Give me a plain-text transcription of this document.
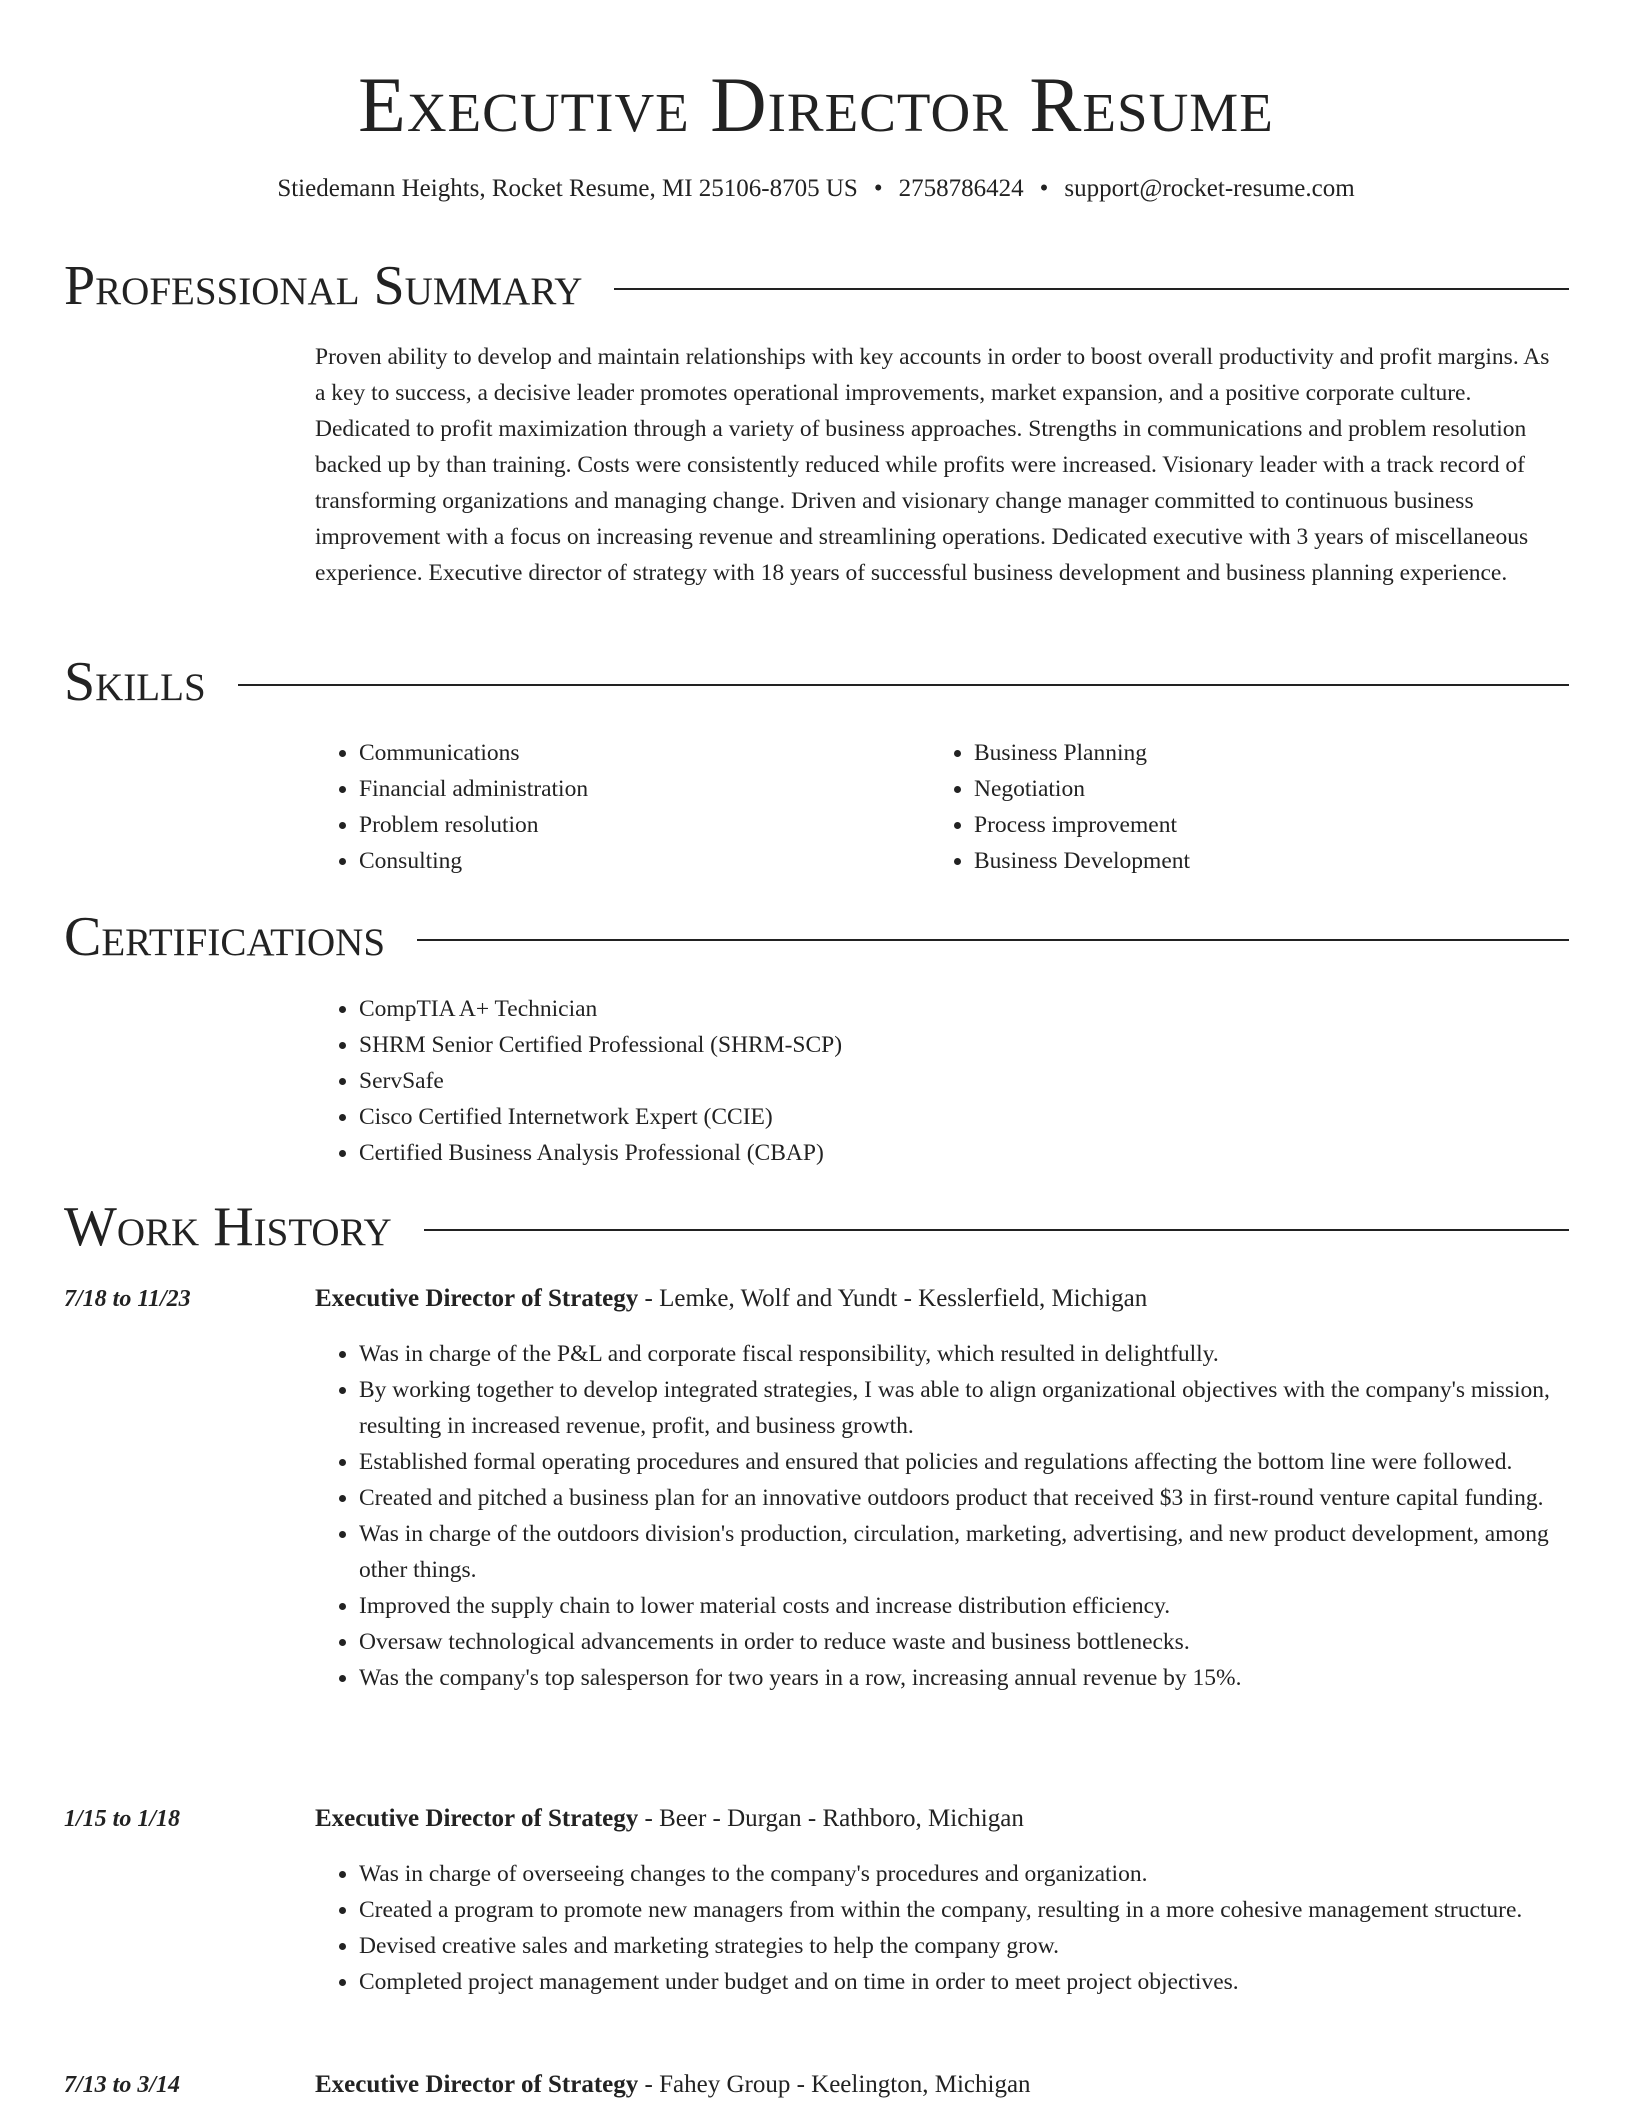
Executive Director Resume
Stiedemann Heights, Rocket Resume, MI 25106-8705 US • 2758786424 • support@rocket-resume.com
Professional Summary

Proven ability to develop and maintain relationships with key accounts in order to boost overall productivity and profit margins. As a key to success, a decisive leader promotes operational improvements, market expansion, and a positive corporate culture. Dedicated to profit maximization through a variety of business approaches. Strengths in communications and problem resolution backed up by than training. Costs were consistently reduced while profits were increased. Visionary leader with a track record of transforming organizations and managing change. Driven and visionary change manager committed to continuous business improvement with a focus on increasing revenue and streamlining operations. Dedicated executive with 3 years of miscellaneous experience. Executive director of strategy with 18 years of successful business development and business planning experience.

Skills
• Communications
• Financial administration
• Problem resolution
• Consulting
• Business Planning
• Negotiation
• Process improvement
• Business Development
Certifications
• CompTIA A+ Technician
• SHRM Senior Certified Professional (SHRM-SCP)
• ServSafe
• Cisco Certified Internetwork Expert (CCIE)
• Certified Business Analysis Professional (CBAP)
Work History
7/18 to 11/23	Executive Director of Strategy - Lemke, Wolf and Yundt - Kesslerfield, Michigan
• Was in charge of the P&L and corporate fiscal responsibility, which resulted in delightfully.
• By working together to develop integrated strategies, I was able to align organizational objectives with the company's mission, resulting in increased revenue, profit, and business growth.
• Established formal operating procedures and ensured that policies and regulations affecting the bottom line were followed.
• Created and pitched a business plan for an innovative outdoors product that received $3 in first-round venture capital funding.
• Was in charge of the outdoors division's production, circulation, marketing, advertising, and new product development, among other things.
• Improved the supply chain to lower material costs and increase distribution efficiency.
• Oversaw technological advancements in order to reduce waste and business bottlenecks.
• Was the company's top salesperson for two years in a row, increasing annual revenue by 15%.
1/15 to 1/18	Executive Director of Strategy - Beer - Durgan - Rathboro, Michigan
• Was in charge of overseeing changes to the company's procedures and organization.
• Created a program to promote new managers from within the company, resulting in a more cohesive management structure.
• Devised creative sales and marketing strategies to help the company grow.
• Completed project management under budget and on time in order to meet project objectives.
7/13 to 3/14	Executive Director of Strategy - Fahey Group - Keelington, Michigan
